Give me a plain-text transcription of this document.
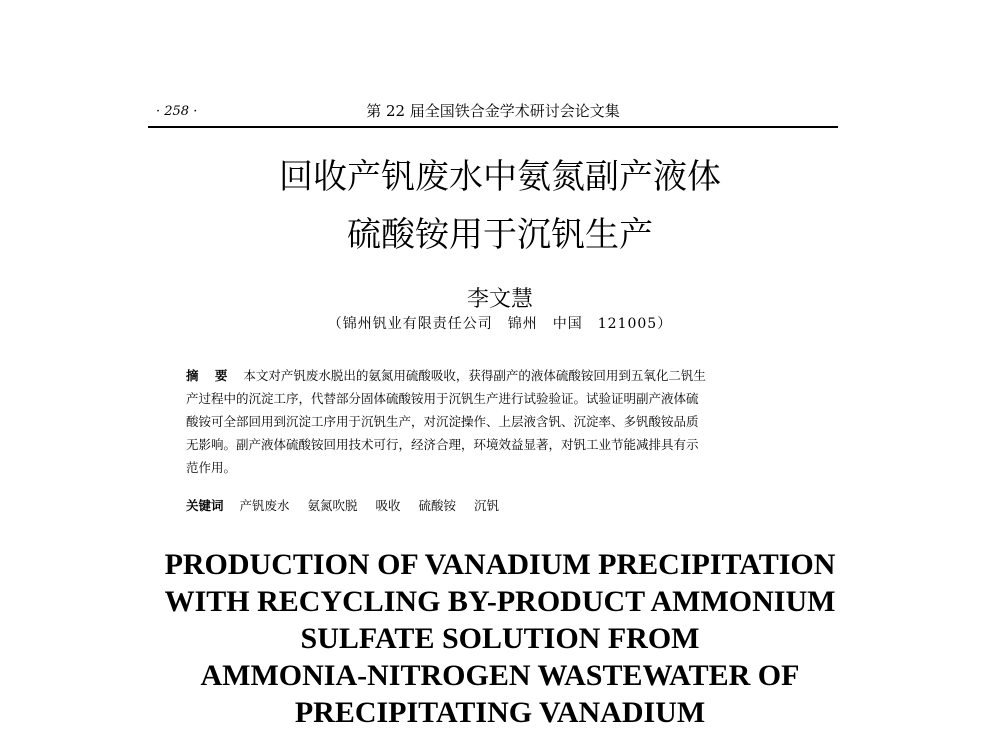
· 258 ·	第 22 届全国铁合金学术研讨会论文集
回收产钒废水中氨氮副产液体
硫酸铵用于沉钒生产
李文慧
（锦州钒业有限责任公司　锦州　中国　121005）
摘 要 本文对产钒废水脱出的氨氮用硫酸吸收，获得副产的液体硫酸铵回用到五氧化二钒生
产过程中的沉淀工序，代替部分固体硫酸铵用于沉钒生产进行试验验证。试验证明副产液体硫
酸铵可全部回用到沉淀工序用于沉钒生产，对沉淀操作、上层液含钒、沉淀率、多钒酸铵品质
无影响。副产液体硫酸铵回用技术可行，经济合理，环境效益显著，对钒工业节能减排具有示
范作用。
关键词 产钒废水 氨氮吹脱 吸收 硫酸铵 沉钒
PRODUCTION OF VANADIUM PRECIPITATION
WITH RECYCLING BY-PRODUCT AMMONIUM
SULFATE SOLUTION FROM
AMMONIA-NITROGEN WASTEWATER OF
PRECIPITATING VANADIUM
